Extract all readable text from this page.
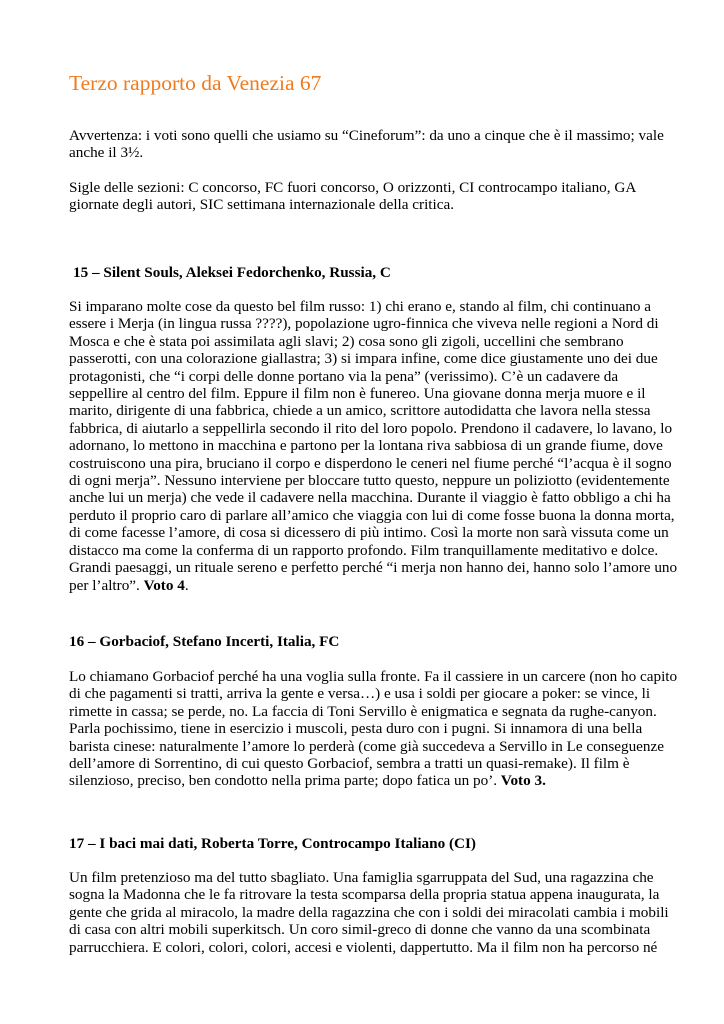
Terzo rapporto da Venezia 67

Avvertenza: i voti sono quelli che usiamo su “Cineforum”: da uno a cinque che è il massimo; vale
anche il 3½.

Sigle delle sezioni: C concorso, FC fuori concorso, O orizzonti, CI controcampo italiano, GA
giornate degli autori, SIC settimana internazionale della critica.

15 – Silent Souls, Aleksei Fedorchenko, Russia, C

Si imparano molte cose da questo bel film russo: 1) chi erano e, stando al film, chi continuano a
essere i Merja (in lingua russa ????), popolazione ugro-finnica che viveva nelle regioni a Nord di
Mosca e che è stata poi assimilata agli slavi; 2) cosa sono gli zigoli, uccellini che sembrano
passerotti, con una colorazione giallastra; 3) si impara infine, come dice giustamente uno dei due
protagonisti, che “i corpi delle donne portano via la pena” (verissimo). C’è un cadavere da
seppellire al centro del film. Eppure il film non è funereo. Una giovane donna merja muore e il
marito, dirigente di una fabbrica, chiede a un amico, scrittore autodidatta che lavora nella stessa
fabbrica, di aiutarlo a seppellirla secondo il rito del loro popolo. Prendono il cadavere, lo lavano, lo
adornano, lo mettono in macchina e partono per la lontana riva sabbiosa di un grande fiume, dove
costruiscono una pira, bruciano il corpo e disperdono le ceneri nel fiume perché “l’acqua è il sogno
di ogni merja”. Nessuno interviene per bloccare tutto questo, neppure un poliziotto (evidentemente
anche lui un merja) che vede il cadavere nella macchina. Durante il viaggio è fatto obbligo a chi ha
perduto il proprio caro di parlare all’amico che viaggia con lui di come fosse buona la donna morta,
di come facesse l’amore, di cosa si dicessero di più intimo. Così la morte non sarà vissuta come un
distacco ma come la conferma di un rapporto profondo. Film tranquillamente meditativo e dolce.
Grandi paesaggi, un rituale sereno e perfetto perché “i merja non hanno dei, hanno solo l’amore uno
per l’altro”. Voto 4.

16 – Gorbaciof, Stefano Incerti, Italia, FC

Lo chiamano Gorbaciof perché ha una voglia sulla fronte. Fa il cassiere in un carcere (non ho capito
di che pagamenti si tratti, arriva la gente e versa…) e usa i soldi per giocare a poker: se vince, li
rimette in cassa; se perde, no. La faccia di Toni Servillo è enigmatica e segnata da rughe-canyon.
Parla pochissimo, tiene in esercizio i muscoli, pesta duro con i pugni. Si innamora di una bella
barista cinese: naturalmente l’amore lo perderà (come già succedeva a Servillo in Le conseguenze
dell’amore di Sorrentino, di cui questo Gorbaciof, sembra a tratti un quasi-remake). Il film è
silenzioso, preciso, ben condotto nella prima parte; dopo fatica un po’. Voto 3.

17 – I baci mai dati, Roberta Torre, Controcampo Italiano (CI)

Un film pretenzioso ma del tutto sbagliato. Una famiglia sgarruppata del Sud, una ragazzina che
sogna la Madonna che le fa ritrovare la testa scomparsa della propria statua appena inaugurata, la
gente che grida al miracolo, la madre della ragazzina che con i soldi dei miracolati cambia i mobili
di casa con altri mobili superkitsch. Un coro simil-greco di donne che vanno da una scombinata
parrucchiera. E colori, colori, colori, accesi e violenti, dappertutto. Ma il film non ha percorso né
